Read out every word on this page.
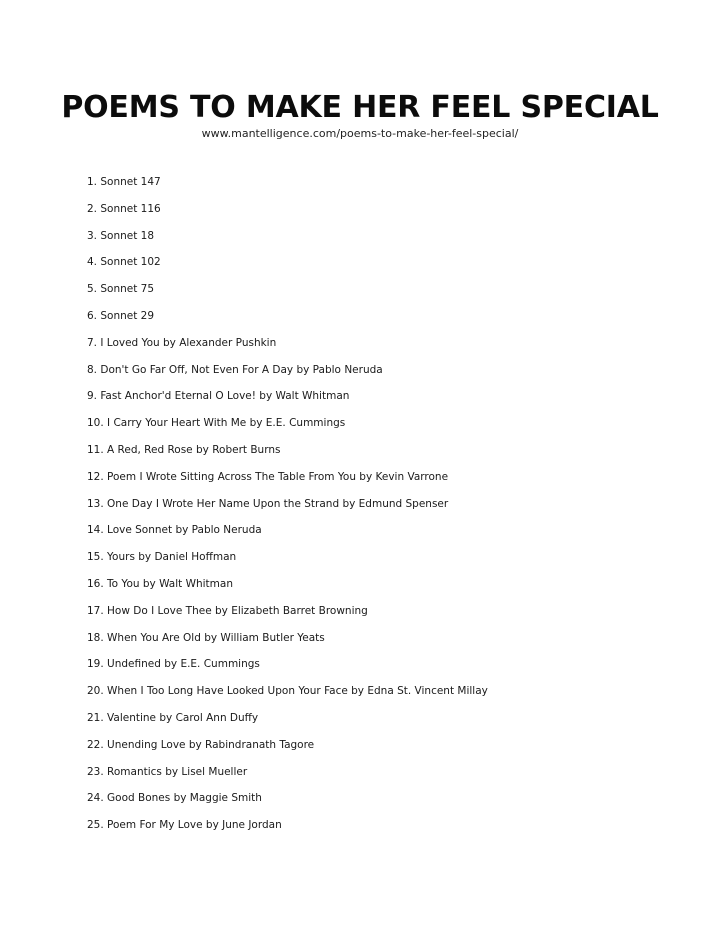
POEMS TO MAKE HER FEEL SPECIAL
www.mantelligence.com/poems-to-make-her-feel-special/
1. Sonnet 147
2. Sonnet 116
3. Sonnet 18
4. Sonnet 102
5. Sonnet 75
6. Sonnet 29
7. I Loved You by Alexander Pushkin
8. Don't Go Far Off, Not Even For A Day by Pablo Neruda
9. Fast Anchor'd Eternal O Love! by Walt Whitman
10. I Carry Your Heart With Me by E.E. Cummings
11. A Red, Red Rose by Robert Burns
12. Poem I Wrote Sitting Across The Table From You by Kevin Varrone
13. One Day I Wrote Her Name Upon the Strand by Edmund Spenser
14. Love Sonnet by Pablo Neruda
15. Yours by Daniel Hoffman
16. To You by Walt Whitman
17. How Do I Love Thee by Elizabeth Barret Browning
18. When You Are Old by William Butler Yeats
19. Undefined by E.E. Cummings
20. When I Too Long Have Looked Upon Your Face by Edna St. Vincent Millay
21. Valentine by Carol Ann Duffy
22. Unending Love by Rabindranath Tagore
23. Romantics by Lisel Mueller
24. Good Bones by Maggie Smith
25. Poem For My Love by June Jordan
